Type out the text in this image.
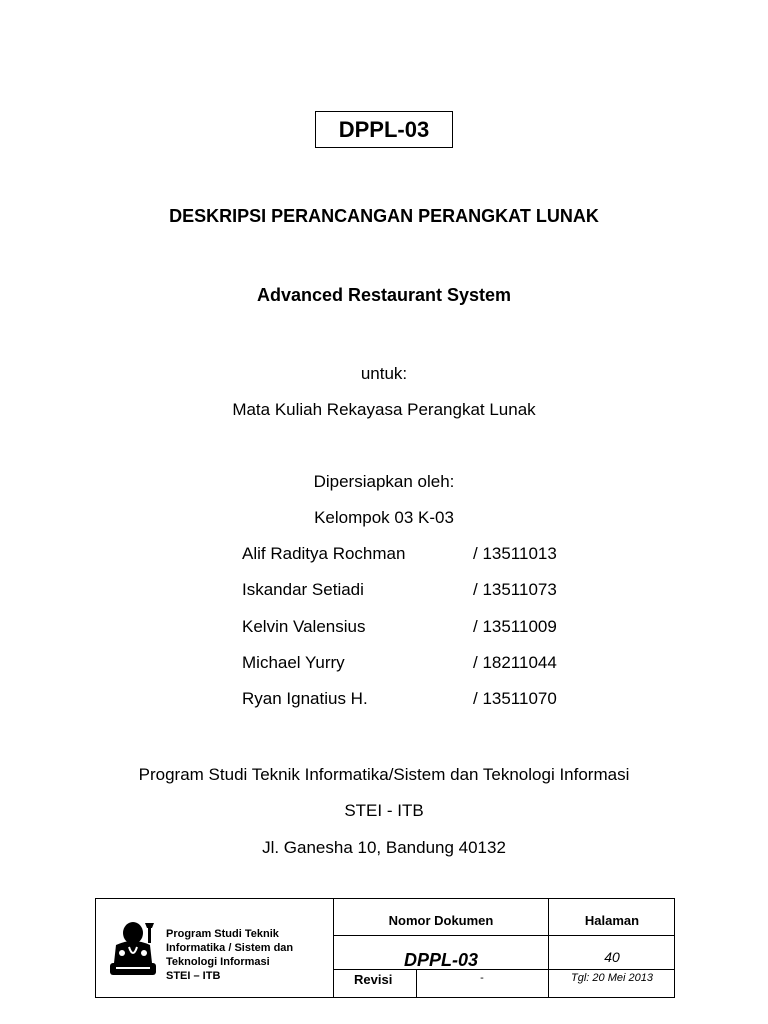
DPPL-03
DESKRIPSI PERANCANGAN PERANGKAT LUNAK
Advanced Restaurant System
untuk:
Mata Kuliah Rekayasa Perangkat Lunak
Dipersiapkan oleh:
Kelompok 03 K-03
Alif Raditya Rochman	/ 13511013
Iskandar Setiadi	/ 13511073
Kelvin Valensius	/ 13511009
Michael Yurry	/ 18211044
Ryan Ignatius H.	/ 13511070
Program Studi Teknik Informatika/Sistem dan Teknologi Informasi
STEI - ITB
Jl. Ganesha 10, Bandung 40132
Program Studi Teknik
Informatika / Sistem dan
Teknologi Informasi
STEI – ITB
Nomor Dokumen	Halaman
DPPL-03	40
Revisi	-	Tgl: 20 Mei 2013
